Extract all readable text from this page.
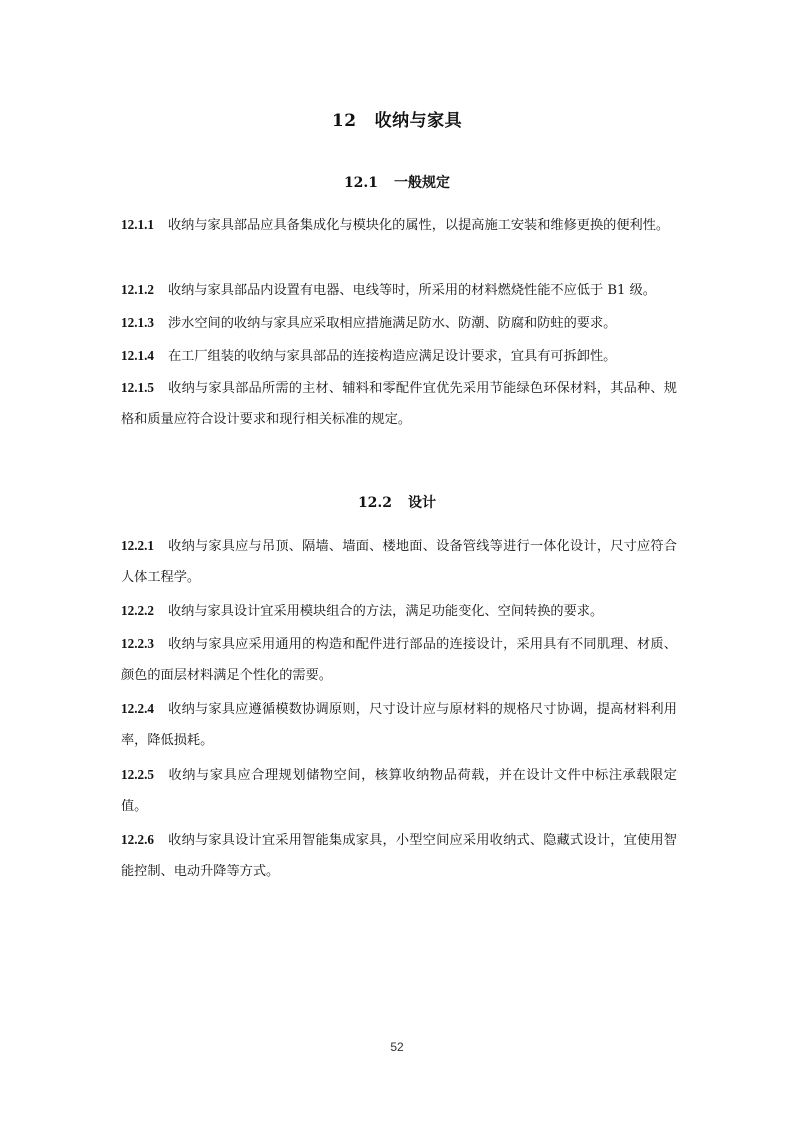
12 收纳与家具
12.1 一般规定
12.1.1 收纳与家具部品应具备集成化与模块化的属性，以提高施工安装和维修更换的便利性。
12.1.2 收纳与家具部品内设置有电器、电线等时，所采用的材料燃烧性能不应低于 B1 级。
12.1.3 涉水空间的收纳与家具应采取相应措施满足防水、防潮、防腐和防蛀的要求。
12.1.4 在工厂组装的收纳与家具部品的连接构造应满足设计要求，宜具有可拆卸性。
12.1.5 收纳与家具部品所需的主材、辅料和零配件宜优先采用节能绿色环保材料，其品种、规格和质量应符合设计要求和现行相关标准的规定。
12.2 设计
12.2.1 收纳与家具应与吊顶、隔墙、墙面、楼地面、设备管线等进行一体化设计，尺寸应符合人体工程学。
12.2.2 收纳与家具设计宜采用模块组合的方法，满足功能变化、空间转换的要求。
12.2.3 收纳与家具应采用通用的构造和配件进行部品的连接设计，采用具有不同肌理、材质、颜色的面层材料满足个性化的需要。
12.2.4 收纳与家具应遵循模数协调原则，尺寸设计应与原材料的规格尺寸协调，提高材料利用率，降低损耗。
12.2.5 收纳与家具应合理规划储物空间，核算收纳物品荷载，并在设计文件中标注承载限定值。
12.2.6 收纳与家具设计宜采用智能集成家具，小型空间应采用收纳式、隐藏式设计，宜使用智能控制、电动升降等方式。
52
